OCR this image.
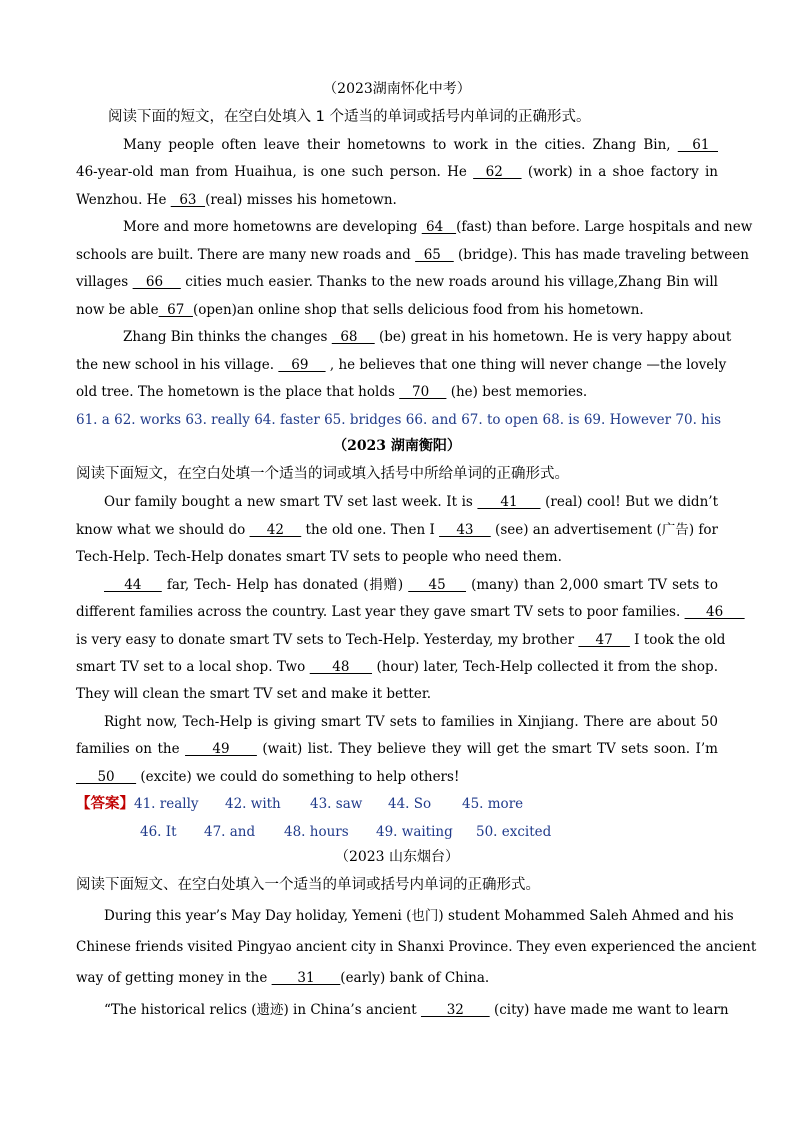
（2023湖南怀化中考）
阅读下面的短文，在空白处填入 1 个适当的单词或括号内单词的正确形式。
Many people often leave their hometowns to work in the cities. Zhang Bin,   61
46-year-old man from Huaihua, is one such person. He   62    (work) in a shoe factory in
Wenzhou. He   63  (real) misses his hometown.
More and more hometowns are developing  64   (fast) than before. Large hospitals and new
schools are built. There are many new roads and   65    (bridge). This has made traveling between
villages    66     cities much easier. Thanks to the new roads around his village,Zhang Bin will
now be able  67  (open)an online shop that sells delicious food from his hometown.
Zhang Bin thinks the changes   68     (be) great in his hometown. He is very happy about
the new school in his village.    69     , he believes that one thing will never change —the lovely
old tree. The hometown is the place that holds    70     (he) best memories.
61. a 62. works 63. really 64. faster 65. bridges 66. and 67. to open 68. is 69. However 70. his
（2023 湖南衡阳）
阅读下面短文，在空白处填一个适当的词或填入括号中所给单词的正确形式。
Our family bought a new smart TV set last week. It is      41      (real) cool! But we didn’t
know what we should do     42     the old one. Then I     43     (see) an advertisement (广告) for
Tech-Help. Tech-Help donates smart TV sets to people who need them.
44     far, Tech- Help has donated (捐赠)     45     (many) than 2,000 smart TV sets to
different families across the country. Last year they gave smart TV sets to poor families.      46
is very easy to donate smart TV sets to Tech-Help. Yesterday, my brother     47     I took the old
smart TV set to a local shop. Two      48      (hour) later, Tech-Help collected it from the shop.
They will clean the smart TV set and make it better.
Right now, Tech-Help is giving smart TV sets to families in Xinjiang. There are about 50
families on the      49      (wait) list. They believe they will get the smart TV sets soon. I’m
50      (excite) we could do something to help others!
【答案】41. really 42. with 43. saw 44. So 45. more
46. It 47. and 48. hours 49. waiting 50. excited
（2023 山东烟台）
阅读下面短文、在空白处填入一个适当的单词或括号内单词的正确形式。
During this year’s May Day holiday, Yemeni (也门) student Mohammed Saleh Ahmed and his
Chinese friends visited Pingyao ancient city in Shanxi Province. They even experienced the ancient
way of getting money in the       31      (early) bank of China.
“The historical relics (遗迹) in China’s ancient       32       (city) have made me want to learn
